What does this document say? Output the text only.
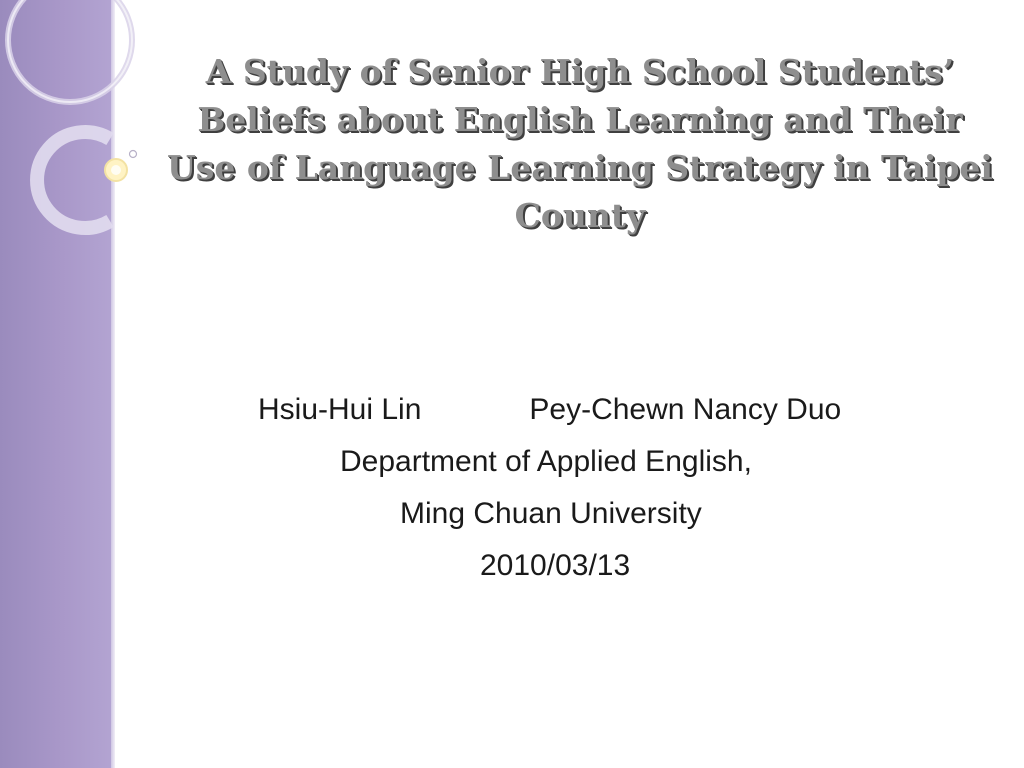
A Study of Senior High School Students’ Beliefs about English Learning and Their Use of Language Learning Strategy in Taipei County
Hsiu-Hui Lin	Pey-Chewn Nancy Duo
Department of Applied English,
Ming Chuan University
2010/03/13
